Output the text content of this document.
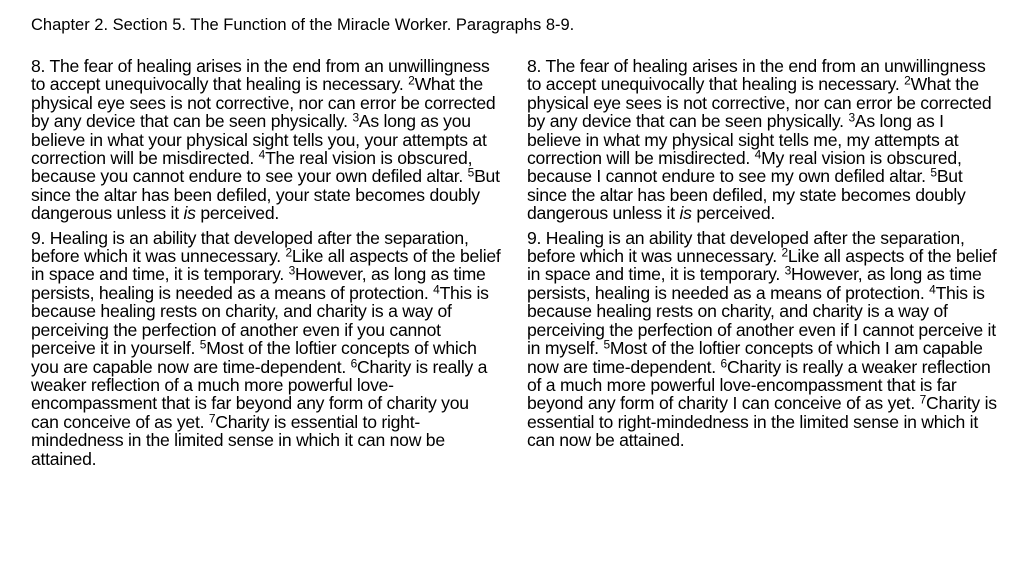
Chapter 2. Section 5. The Function of the Miracle Worker. Paragraphs 8-9.

8. The fear of healing arises in the end from an unwillingness to accept unequivocally that healing is necessary. $^2$What the physical eye sees is not corrective, nor can error be corrected by any device that can be seen physically. $^3$As long as you believe in what your physical sight tells you, your attempts at correction will be misdirected. $^4$The real vision is obscured, because you cannot endure to see your own defiled altar. $^5$But since the altar has been defiled, your state becomes doubly dangerous unless it is perceived.

9. Healing is an ability that developed after the separation, before which it was unnecessary. $^2$Like all aspects of the belief in space and time, it is temporary. $^3$However, as long as time persists, healing is needed as a means of protection. $^4$This is because healing rests on charity, and charity is a way of perceiving the perfection of another even if you cannot perceive it in yourself. $^5$Most of the loftier concepts of which you are capable now are time-dependent. $^6$Charity is really a weaker reflection of a much more powerful love-encompassment that is far beyond any form of charity you can conceive of as yet. $^7$Charity is essential to right-mindedness in the limited sense in which it can now be attained.

8. The fear of healing arises in the end from an unwillingness to accept unequivocally that healing is necessary. $^2$What the physical eye sees is not corrective, nor can error be corrected by any device that can be seen physically. $^3$As long as I believe in what my physical sight tells me, my attempts at correction will be misdirected. $^4$My real vision is obscured, because I cannot endure to see my own defiled altar. $^5$But since the altar has been defiled, my state becomes doubly dangerous unless it is perceived.

9. Healing is an ability that developed after the separation, before which it was unnecessary. $^2$Like all aspects of the belief in space and time, it is temporary. $^3$However, as long as time persists, healing is needed as a means of protection. $^4$This is because healing rests on charity, and charity is a way of perceiving the perfection of another even if I cannot perceive it in myself. $^5$Most of the loftier concepts of which I am capable now are time-dependent. $^6$Charity is really a weaker reflection of a much more powerful love-encompassment that is far beyond any form of charity I can conceive of as yet. $^7$Charity is essential to right-mindedness in the limited sense in which it can now be attained.
